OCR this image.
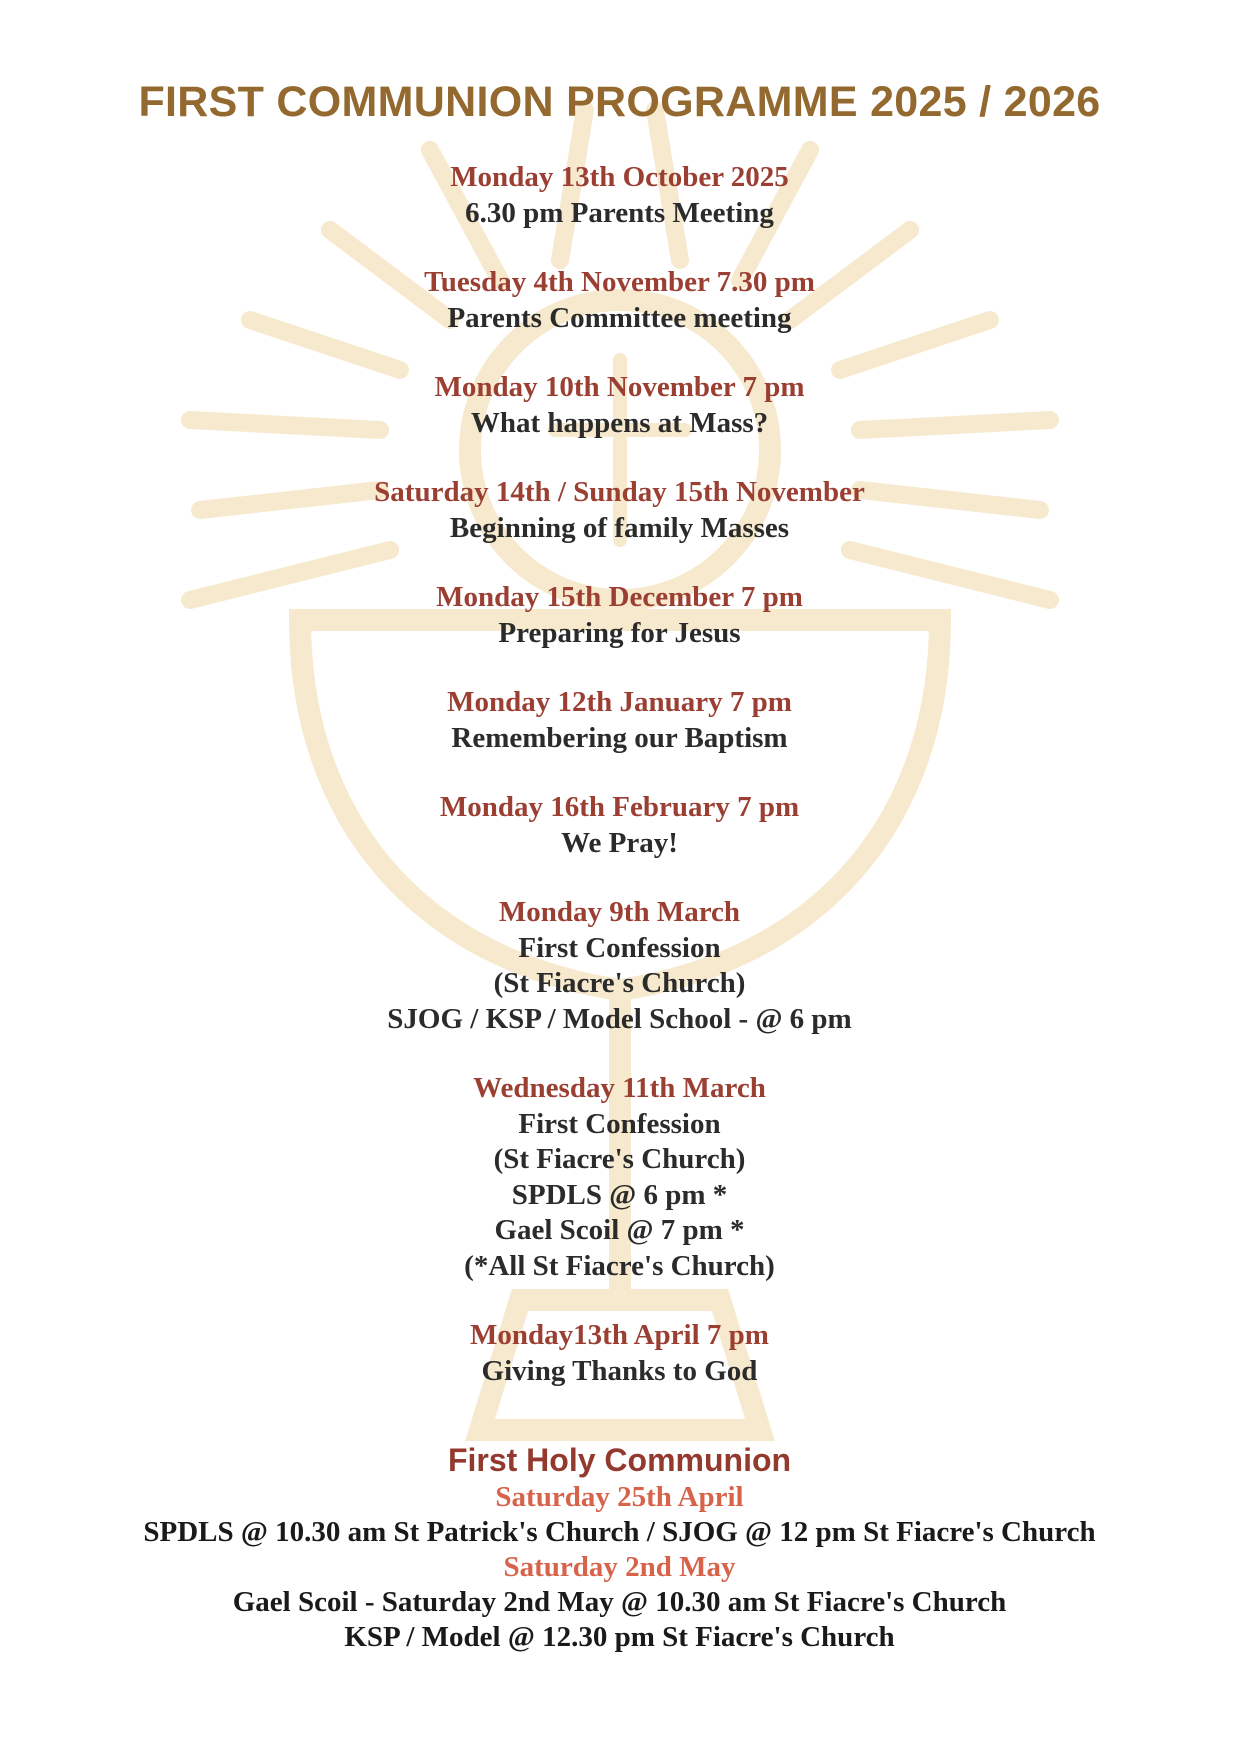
FIRST COMMUNION PROGRAMME 2025 / 2026
Monday 13th October 2025
6.30 pm Parents Meeting
Tuesday 4th November 7.30 pm
Parents Committee meeting
Monday 10th November 7 pm
What happens at Mass?
Saturday 14th / Sunday 15th November
Beginning of family Masses
Monday 15th December 7 pm
Preparing for Jesus
Monday 12th January 7 pm
Remembering our Baptism
Monday 16th February 7 pm
We Pray!
Monday 9th March
First Confession
(St Fiacre's Church)
SJOG / KSP / Model School - @ 6 pm
Wednesday 11th March
First Confession
(St Fiacre's Church)
SPDLS @ 6 pm *
Gael Scoil @ 7 pm *
(*All St Fiacre's Church)
Monday13th April 7 pm
Giving Thanks to God
First Holy Communion
Saturday 25th April
SPDLS @ 10.30 am St Patrick's Church / SJOG @ 12 pm St Fiacre's Church
Saturday 2nd May
Gael Scoil - Saturday 2nd May @ 10.30 am St Fiacre's Church
KSP / Model @ 12.30 pm St Fiacre's Church
